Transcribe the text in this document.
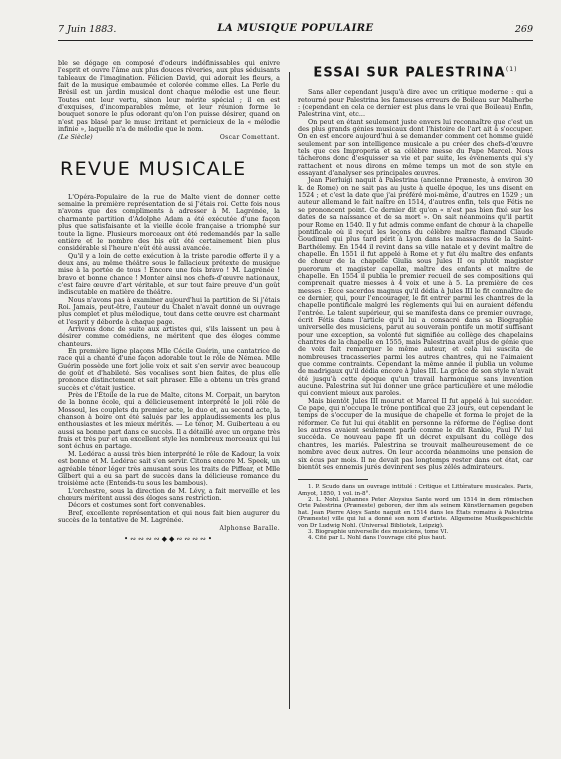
7 Juin 1883.	LA MUSIQUE POPULAIRE	269

ble se dégage en composé d'odeurs indéfinissables qui enivre l'esprit et ouvre l'âme aux plus douces rêveries, aux plus séduisants tableaux de l'imagination. Félicien David, qui adorait les fleurs, a fait de la musique embaumée et colorée comme elles. La Perle du Brésil est un jardin musical dont chaque mélodie est une fleur. Toutes ont leur vertu, sinon leur mérite spécial ; il en est d'exquises, d'incomparables même, et leur réunion forme le bouquet sonore le plus odorant qu'on l'on puisse désirer, quand on n'est pas blasé par le musc irritant et pernicieux de la « mélodie infinie », laquelle n'a de mélodie que le nom.

(Le Siècle)	Oscar Comettant.
REVUE MUSICALE

L'Opéra-Populaire de la rue de Malte vient de donner cette semaine la première représentation de si J'étais roi. Cette fois nous n'avons que des compliments à adresser à M. Lagrénée, la charmante partition d'Adolphe Adam a été exécutée d'une façon plus que satisfaisante et la vieille école française a triomphé sur toute la ligne. Plusieurs morceaux ont été redemandés par la salle entière et le nombre des bis eût été certainement bien plus considérable si l'heure n'eût été aussi avancée.

Qu'il y a loin de cette exécution à la triste parodie offerte il y a deux ans, au même théâtre sous le fallacieux prétexte de musique mise à la portée de tous ! Encore une fois bravo ! M. Lagrénée ! bravo et bonne chance ! Monter ainsi nos chefs-d'œuvre nationaux, c'est faire œuvre d'art véritable, et sur tout faire preuve d'un goût indiscutable en matière de théâtre.

Nous n'avons pas à examiner aujourd'hui la partition de Si j'étais Roi. Jamais, peut-être, l'auteur du Chalet n'avait donné un ouvrage plus complet et plus mélodique, tout dans cette œuvre est charmant et l'esprit y déborde à chaque page.

Arrivons donc de suite aux artistes qui, s'ils laissent un peu à désirer comme comédiens, ne méritent que des éloges comme chanteurs.

En première ligne plaçons Mlle Cécile Guérin, une cantatrice de race qui a chanté d'une façon adorable tout le rôle de Némea. Mlle Guérin possède une fort jolie voix et sait s'en servir avec beaucoup de goût et d'habileté. Ses vocalises sont bien faites, de plus elle prononce distinctement et sait phraser. Elle a obtenu un très grand succès et c'était justice.

Près de l'Étoile de la rue de Malte, citons M. Corpait, un baryton de la bonne école, qui a délicieusement interprété le joli rôle de Mossoul, les couplets du premier acte, le duo et, au second acte, la chanson à boire ont été salués par les applaudissements les plus enthousiastes et les mieux mérités. — Le ténor, M. Guiberteau a eu aussi sa bonne part dans ce succès. Il a détaillé avec un organe très frais et très pur et un excellent style les nombreux morceaux qui lui sont échus en partage.

M. Ledérac a aussi très bien interprété le rôle de Kadour, la voix est bonne et M. Ledérac sait s'en servir. Citons encore M. Speek, un agréable ténor léger très amusant sous les traits de Piffear, et Mlle Gilbert qui a eu sa part de succès dans la délicieuse romance du troisième acte (Entends-tu sous les bambous).

L'orchestre, sous la direction de M. Lévy, a fait merveille et les chœurs méritent aussi des éloges sans restriction.

Décors et costumes sont fort convenables.

Bref, excellente représentation et qui nous fait bien augurer du succès de la tentative de M. Lagrénée.

Alphonse Baralle.
•∾∾∾∾◆◆∾∾∾∾•
ESSAI SUR PALESTRINA$^{(1)}$

Sans aller cependant jusqu'à dire avec un critique moderne : qui a retourné pour Palestrina les fameuses erreurs de Boileau sur Malherbe : (cependant en cela ce dernier est plus dans le vrai que Boileau) Enfin, Palestrina vint, etc...

On peut en étant seulement juste envers lui reconnaître que c'est un des plus grands génies musicaux dont l'histoire de l'art ait à s'occuper. On en est encore aujourd'hui à se demander comment cet homme guidé seulement par son intelligence musicale a pu créer des chefs-d'œuvre tels que ces Improperia et sa célèbre messe du Pape Marcel. Nous tâcherons donc d'esquisser sa vie et par suite, les événements qui s'y rattachent et nous dirons en même temps un mot de son style en essayant d'analyser ses principales œuvres.

Jean Pierluigi naquit à Palestrina (ancienne Præneste, à environ 30 k. de Rome) on ne sait pas au juste à quelle époque, les uns disent en 1524 ; et c'est la date que j'ai préféré moi-même, d'autres en 1529 ; un auteur allemand le fait naître en 1514, d'autres enfin, tels que Fétis ne se prononcent point. Ce dernier dit qu'on « n'est pas bien fixé sur les dates de sa naissance et de sa mort ». On sait néanmoins qu'il partit pour Rome en 1540. Il y fut admis comme enfant de chœur à la chapelle pontificale où il reçut les leçons du célèbre maître flamand Claude Goudimel qui plus tard périt à Lyon dans les massacres de la Saint-Barthélemy. En 1544 il revint dans sa ville natale et y devint maître de chapelle. En 1551 il fut appelé à Rome et y fut élu maître des enfants de chœur de la chapelle Giulia sous Jules II ou plutôt magister puerorum et magister capellæ, maître des enfants et maître de chapelle. En 1554 il publia le premier recueil de ses compositions qui comprenait quatre messes à 4 voix et une à 5. La première de ces messes : Ecce sacerdos magnus qu'il dédia à Jules III le fit connaître de ce dernier, qui, pour l'encourager, le fit entrer parmi les chantres de la chapelle pontificale malgré les règlements qui lui en auraient défendu l'entrée. Le talent supérieur, qui se manifesta dans ce premier ouvrage, écrit Fétis dans l'article qu'il lui a consacré dans sa Biographie universelle des musiciens, parut au souverain pontife un motif suffisant pour une exception, sa volonté fut signifiée au collège des chapelains chantres de la chapelle en 1555, mais Palestrina avait plus de génie que de voix fait remarquer le même auteur, et cela lui suscita de nombreuses tracasseries parmi les autres chantres, qui ne l'aimaient que comme contraints. Cependant la même année il publia un volume de madrigaux qu'il dédia encore à Jules III. La grâce de son style n'avait été jusqu'à cette époque qu'un travail harmonique sans invention aucune. Palestrina sut lui donner une grâce particulière et une mélodie qui convient mieux aux paroles.

Mais bientôt Jules III mourut et Marcel II fut appelé à lui succéder. Ce pape, qui n'occupa le trône pontifical que 23 jours, eut cependant le temps de s'occuper de la musique de chapelle et forma le projet de la réformer. Ce fut lui qui établit en personne la réforme de l'église dont les autres avaient seulement parlé comme le dit Rankie, Paul IV lui succéda. Ce nouveau pape fit un décret expulsant du collège des chantres, les mariés. Palestrina se trouvait malheureusement de ce nombre avec deux autres. On leur accorda néanmoins une pension de six écus par mois. Il ne devait pas longtemps rester dans cet état, car bientôt ses ennemis jurés devinrent ses plus zélés admirateurs.

1. P. Scudo dans un ouvrage intitulé : Critique et Littérature musicales. Paris, Amyot, 1850, 1 vol. in-8°.

2. L. Nohl. Johannes Peter Aloysius Sante word um 1514 in dem römischen Orte Palestrina (Præneste) geboren, der ihm als seinem Künstlernamen gegeben hat. Jean Pierre Aloys Sante naquit en 1514 dans les États romains à Palestrina (Præneste) ville qui lui a donné son nom d'artiste. Allgemeine Musikgeschichte von Dr Ludwig Nohl. (Universal Bibliotek, Leipzig).

3. Biographie universelle des musiciens, tome VI.

4. Cité par L. Nohl dans l'ouvrage cité plus haut.
